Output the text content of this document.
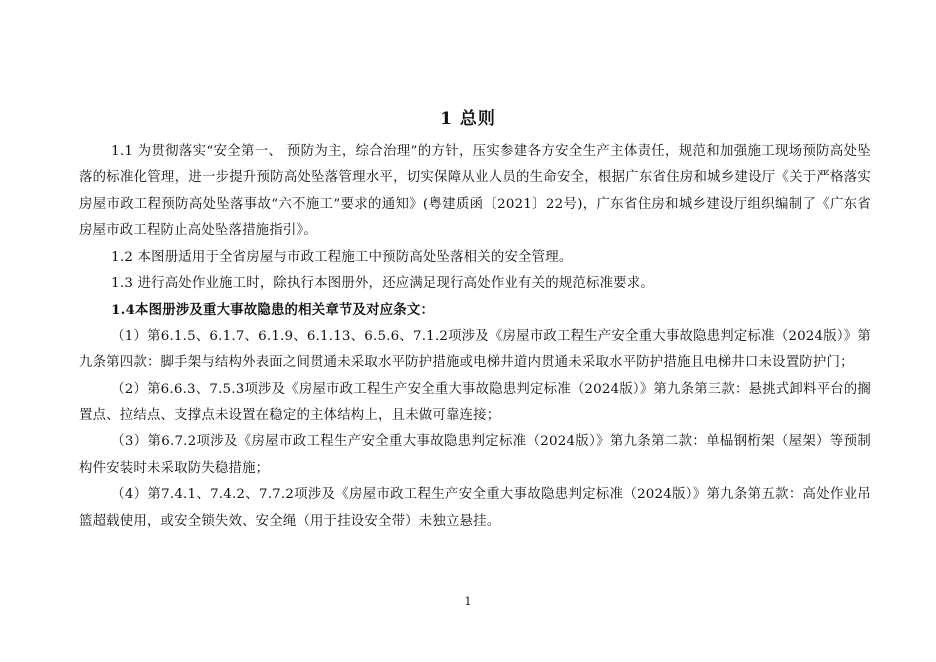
1 总则

1.1 为贯彻落实“安全第一、 预防为主，综合治理”的方针，压实参建各方安全生产主体责任，规范和加强施工现场预防高处坠落的标准化管理，进一步提升预防高处坠落管理水平，切实保障从业人员的生命安全，根据广东省住房和城乡建设厅《关于严格落实房屋市政工程预防高处坠落事故“六不施工”要求的通知》(粤建质函〔2021〕22号)，广东省住房和城乡建设厅组织编制了《广东省房屋市政工程防止高处坠落措施指引》。

1.2 本图册适用于全省房屋与市政工程施工中预防高处坠落相关的安全管理。

1.3 进行高处作业施工时，除执行本图册外，还应满足现行高处作业有关的规范标准要求。

1.4本图册涉及重大事故隐患的相关章节及对应条文：

（1）第6.1.5、6.1.7、6.1.9、6.1.13、6.5.6、7.1.2项涉及《房屋市政工程生产安全重大事故隐患判定标准（2024版）》第九条第四款：脚手架与结构外表面之间贯通未采取水平防护措施或电梯井道内贯通未采取水平防护措施且电梯井口未设置防护门；

（2）第6.6.3、7.5.3项涉及《房屋市政工程生产安全重大事故隐患判定标准（2024版）》第九条第三款：悬挑式卸料平台的搁置点、拉结点、支撑点未设置在稳定的主体结构上，且未做可靠连接；

（3）第6.7.2项涉及《房屋市政工程生产安全重大事故隐患判定标准（2024版）》第九条第二款：单榀钢桁架（屋架）等预制构件安装时未采取防失稳措施；

（4）第7.4.1、7.4.2、7.7.2项涉及《房屋市政工程生产安全重大事故隐患判定标准（2024版）》第九条第五款：高处作业吊篮超载使用，或安全锁失效、安全绳（用于挂设安全带）未独立悬挂。

1
